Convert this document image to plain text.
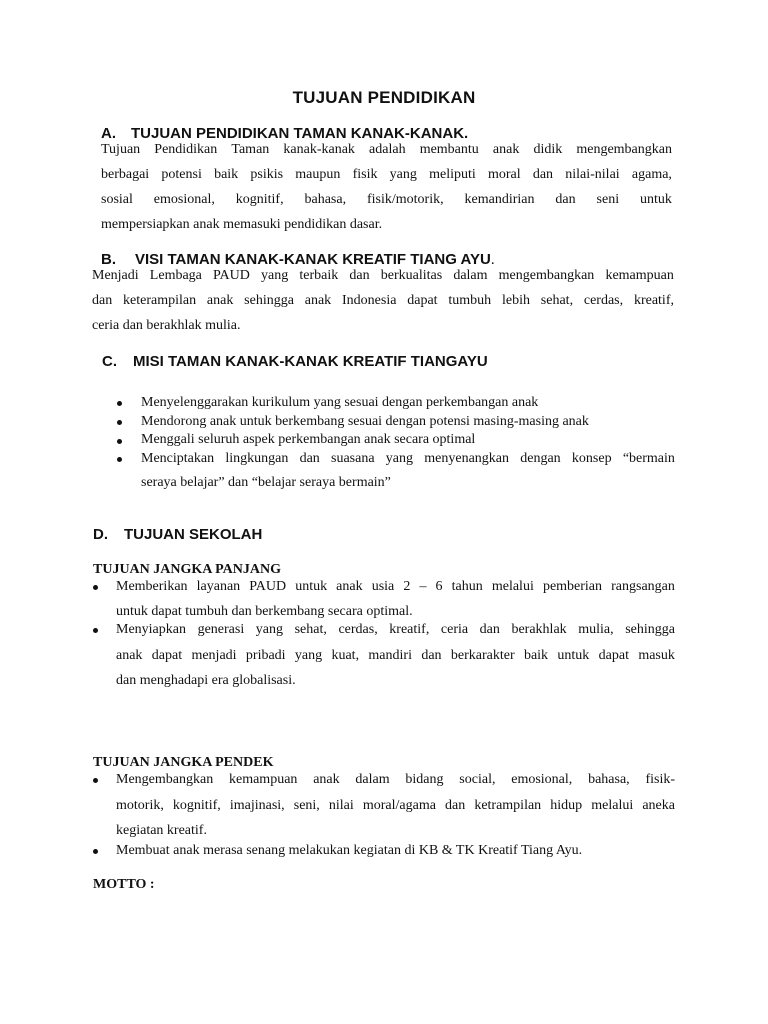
TUJUAN PENDIDIKAN
A. TUJUAN PENDIDIKAN TAMAN KANAK-KANAK.
Tujuan Pendidikan Taman kanak-kanak adalah membantu anak didik mengembangkan
berbagai potensi baik psikis maupun fisik yang meliputi moral dan nilai-nilai agama,
sosial emosional, kognitif, bahasa, fisik/motorik, kemandirian dan seni untuk
mempersiapkan anak memasuki pendidikan dasar.
B. VISI TAMAN KANAK-KANAK KREATIF TIANG AYU.
Menjadi Lembaga PAUD yang terbaik dan berkualitas dalam mengembangkan kemampuan
dan keterampilan anak sehingga anak Indonesia dapat tumbuh lebih sehat, cerdas, kreatif,
ceria dan berakhlak mulia.
C. MISI TAMAN KANAK-KANAK KREATIF TIANGAYU
Menyelenggarakan kurikulum yang sesuai dengan perkembangan anak
Mendorong anak untuk berkembang sesuai dengan potensi masing-masing anak
Menggali seluruh aspek perkembangan anak secara optimal
Menciptakan lingkungan dan suasana yang menyenangkan dengan konsep “bermain
seraya belajar” dan “belajar seraya bermain”
D. TUJUAN SEKOLAH
TUJUAN JANGKA PANJANG
Memberikan layanan PAUD untuk anak usia 2 – 6 tahun melalui pemberian rangsangan
untuk dapat tumbuh dan berkembang secara optimal.
Menyiapkan generasi yang sehat, cerdas, kreatif, ceria dan berakhlak mulia, sehingga
anak dapat menjadi pribadi yang kuat, mandiri dan berkarakter baik untuk dapat masuk
dan menghadapi era globalisasi.
TUJUAN JANGKA PENDEK
Mengembangkan kemampuan anak dalam bidang social, emosional, bahasa, fisik-
motorik, kognitif, imajinasi, seni, nilai moral/agama dan ketrampilan hidup melalui aneka
kegiatan kreatif.
Membuat anak merasa senang melakukan kegiatan di KB & TK Kreatif Tiang Ayu.
MOTTO :
